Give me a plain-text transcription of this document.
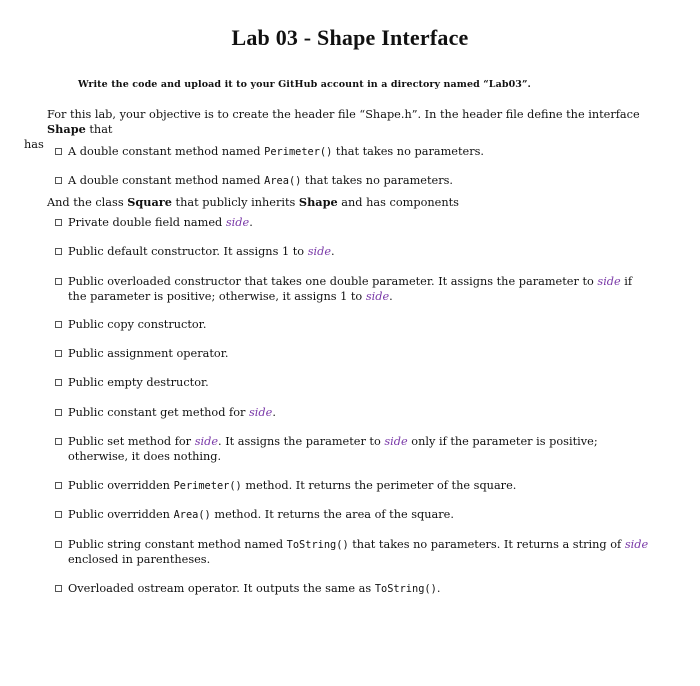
Lab 03 - Shape Interface
Write the code and upload it to your GitHub account in a directory named “Lab03”.
For this lab, your objective is to create the header file “Shape.h”. In the header file define the interface Shape that
has
A double constant method named Perimeter() that takes no parameters.
A double constant method named Area() that takes no parameters.
And the class Square that publicly inherits Shape and has components
Private double field named side.
Public default constructor. It assigns 1 to side.
Public overloaded constructor that takes one double parameter. It assigns the parameter to side if the parameter is positive; otherwise, it assigns 1 to side.
Public copy constructor.
Public assignment operator.
Public empty destructor.
Public constant get method for side.
Public set method for side. It assigns the parameter to side only if the parameter is positive; otherwise, it does nothing.
Public overridden Perimeter() method. It returns the perimeter of the square.
Public overridden Area() method. It returns the area of the square.
Public string constant method named ToString() that takes no parameters. It returns a string of side enclosed in parentheses.
Overloaded ostream operator. It outputs the same as ToString().
